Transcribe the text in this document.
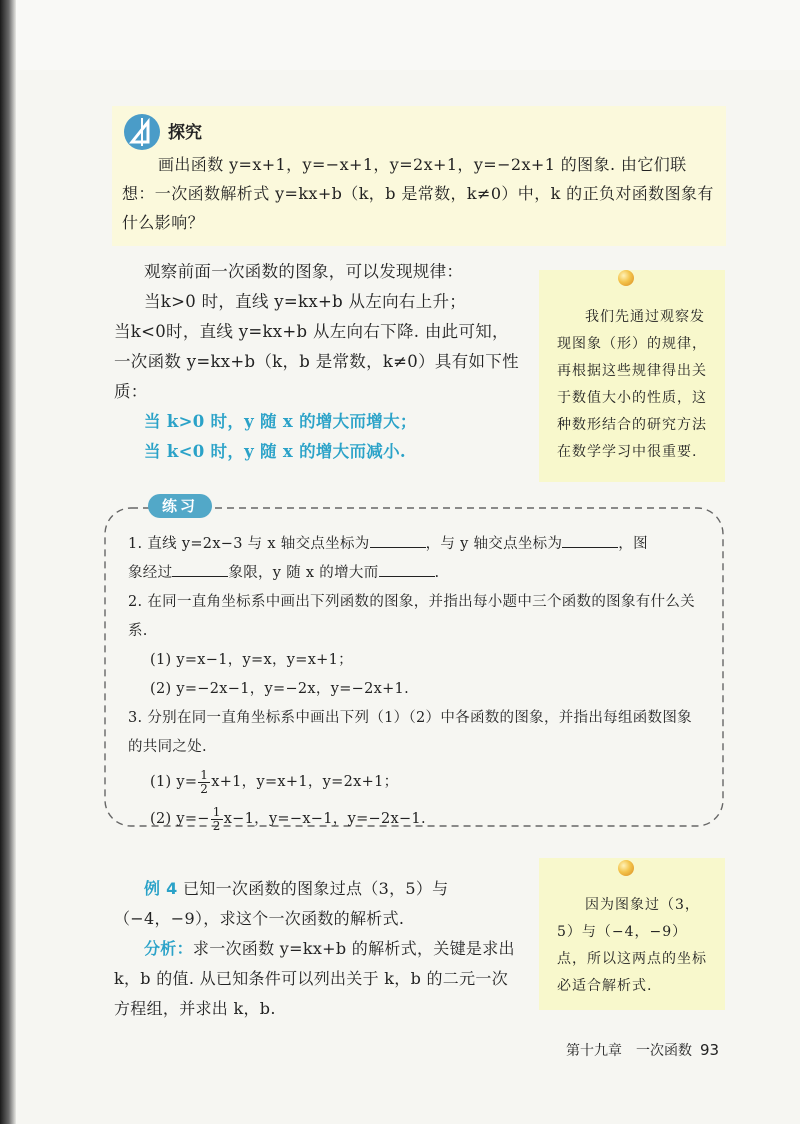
探究
画出函数 y=x+1，y=−x+1，y=2x+1，y=−2x+1 的图象. 由它们联想：一次函数解析式 y=kx+b（k，b 是常数，k≠0）中，k 的正负对函数图象有什么影响？

观察前面一次函数的图象，可以发现规律：

当k>0 时，直线 y=kx+b 从左向右上升；

当k<0时，直线 y=kx+b 从左向右下降. 由此可知，一次函数 y=kx+b（k，b 是常数，k≠0）具有如下性质：

当 k>0 时，y 随 x 的增大而增大；

当 k<0 时，y 随 x 的增大而减小.

我们先通过观察发现图象（形）的规律，再根据这些规律得出关于数值大小的性质，这种数形结合的研究方法在数学学习中很重要.
练习

1. 直线 y=2x−3 与 x 轴交点坐标为	，与 y 轴交点坐标为	，图

象经过	象限，y 随 x 的增大而	.

2. 在同一直角坐标系中画出下列函数的图象，并指出每小题中三个函数的图象有什么关系.

(1) y=x−1，y=x，y=x+1；

(2) y=−2x−1，y=−2x，y=−2x+1.

3. 分别在同一直角坐标系中画出下列（1）（2）中各函数的图象，并指出每组函数图象的共同之处.

(1) $y= \frac{1}{2} x+1$，y=x+1，y=2x+1；

(2) $y=- \frac{1}{2} x-1$，y=−x−1，y=−2x−1.

例 4 已知一次函数的图象过点（3，5）与（−4，−9），求这个一次函数的解析式.

分析：求一次函数 y=kx+b 的解析式，关键是求出 k，b 的值. 从已知条件可以列出关于 k，b 的二元一次方程组，并求出 k，b.

因为图象过（3，5）与（−4，−9）点，所以这两点的坐标必适合解析式.
第十九章　一次函数 93
